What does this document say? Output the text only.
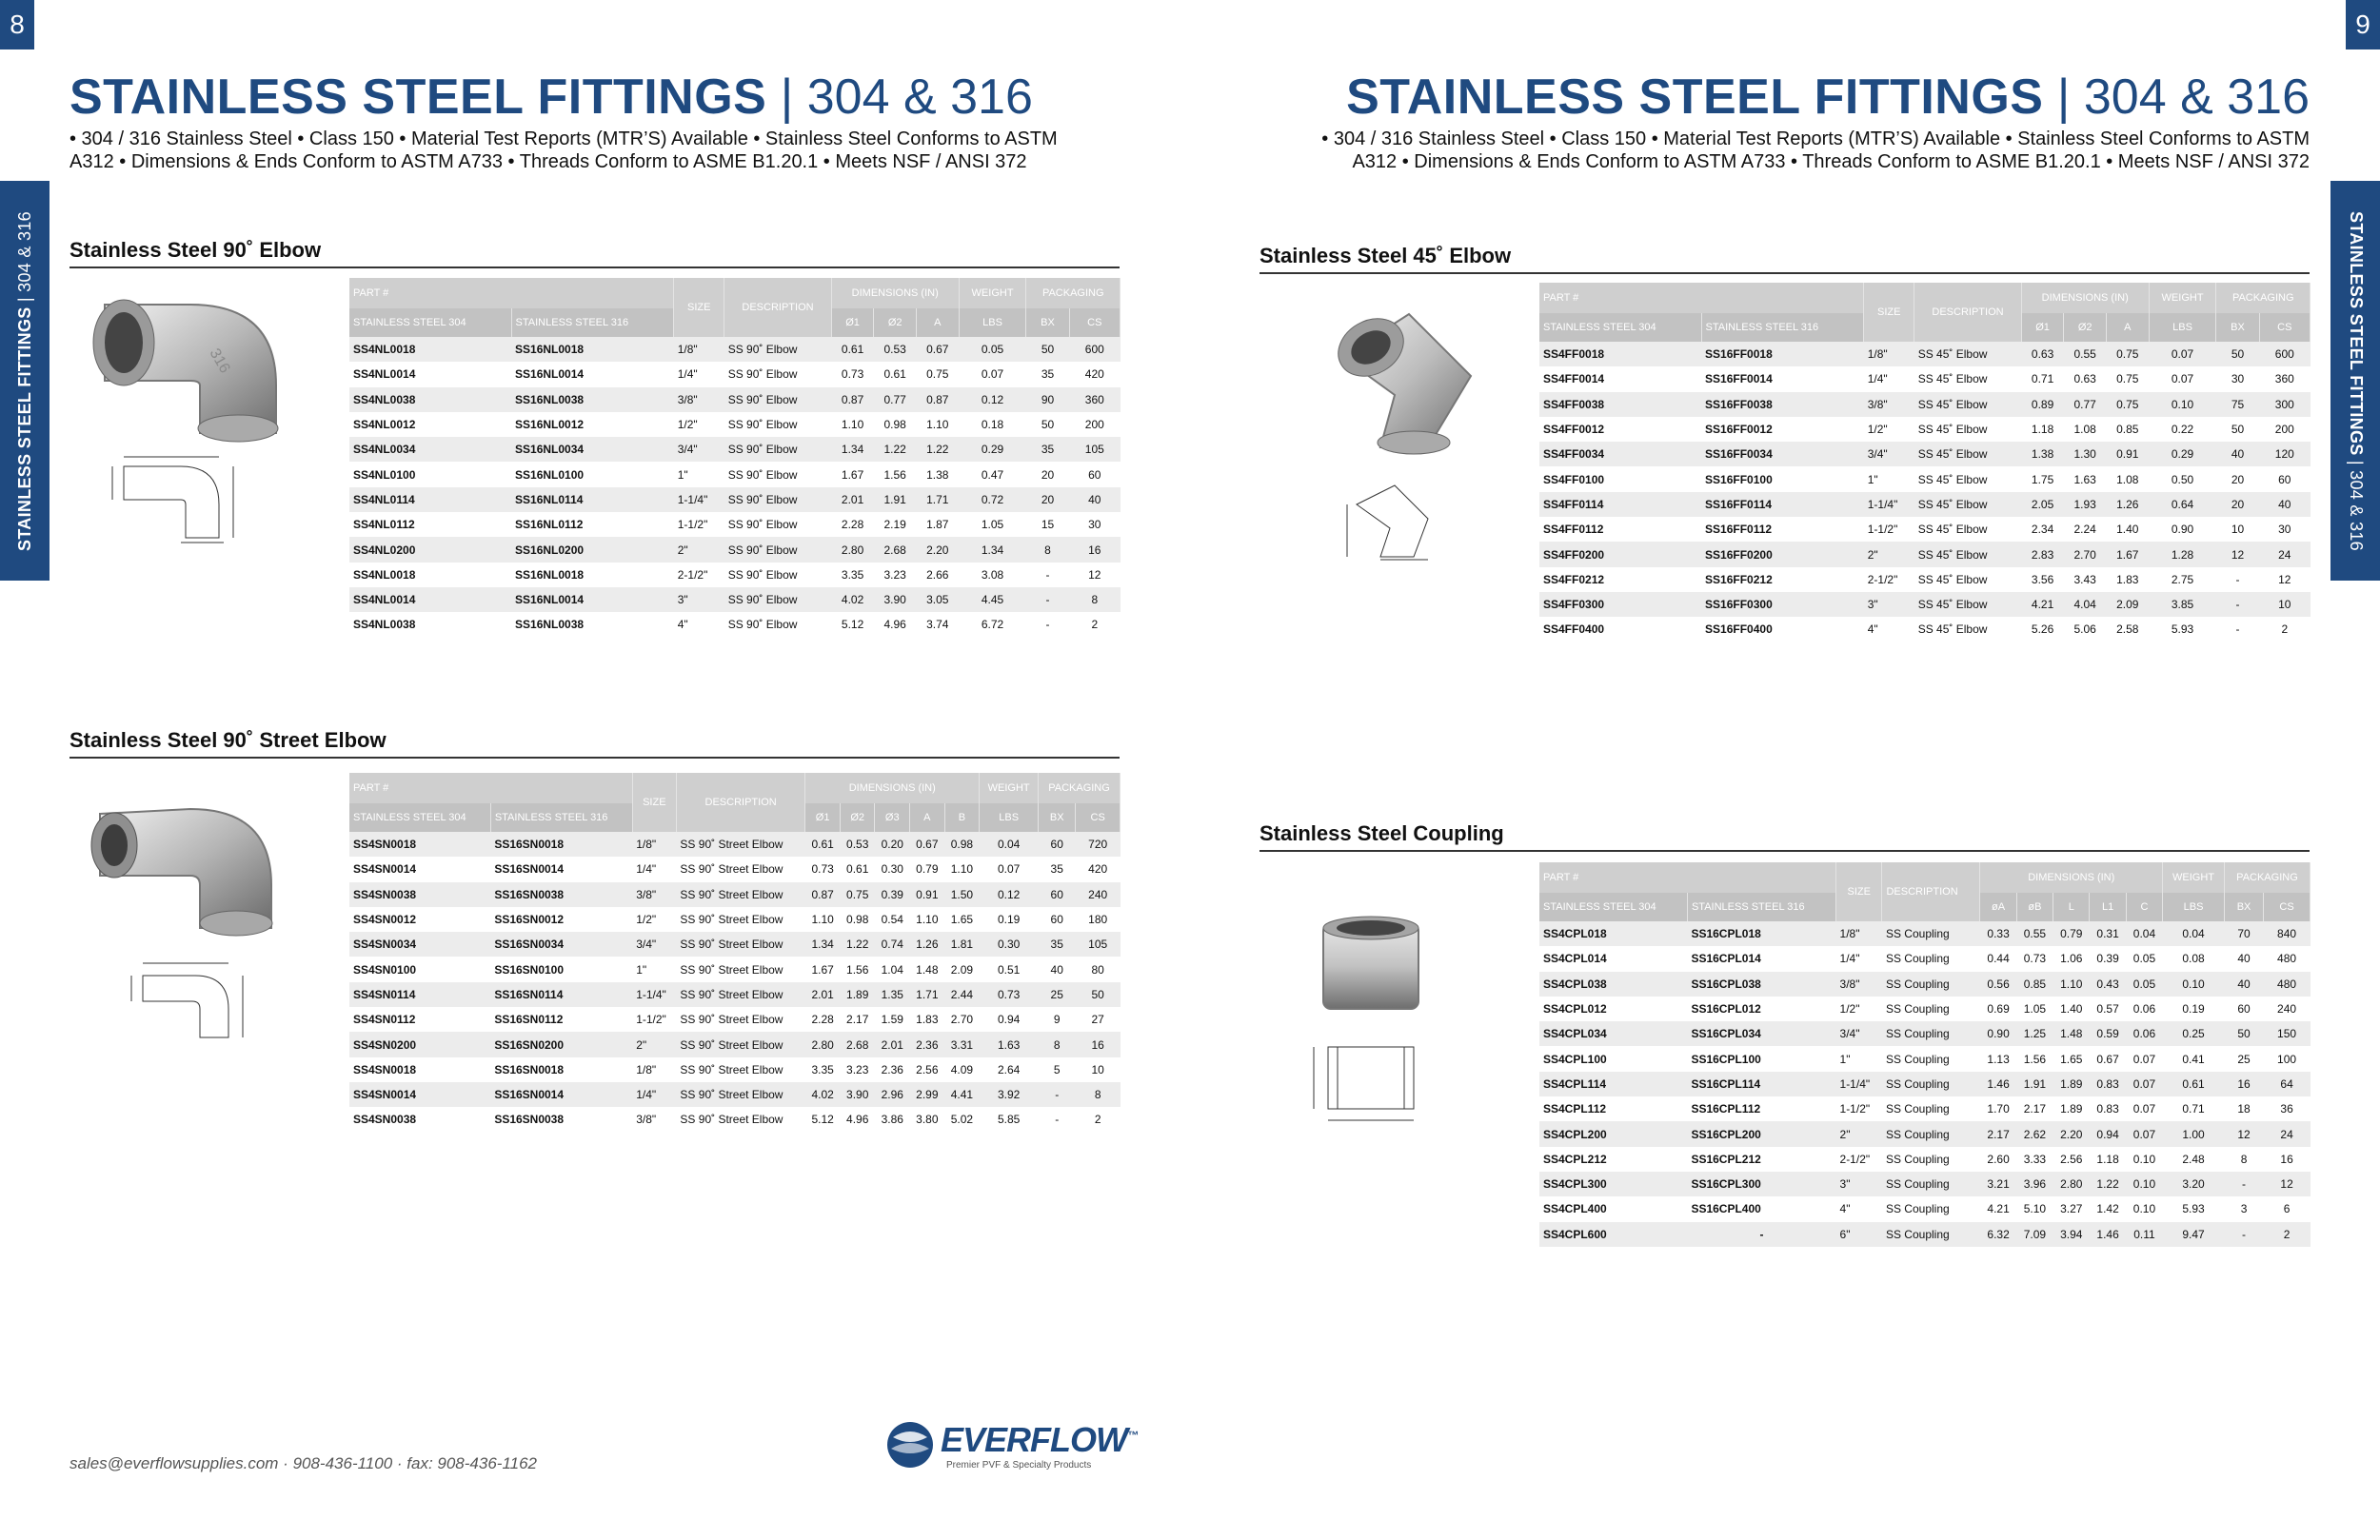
8	9
STAINLESS STEEL FITTINGS | 304 & 316	STAINLESS STEEL FITTINGS | 304 & 316
STAINLESS STEEL FITTINGS | 304 & 316
• 304 / 316 Stainless Steel • Class 150 • Material Test Reports (MTR’S) Available • Stainless Steel Conforms to ASTM
A312 • Dimensions & Ends Conform to ASTM A733 • Threads Conform to ASME B1.20.1 • Meets NSF / ANSI 372
STAINLESS STEEL FITTINGS | 304 & 316
• 304 / 316 Stainless Steel • Class 150 • Material Test Reports (MTR’S) Available • Stainless Steel Conforms to ASTM
A312 • Dimensions & Ends Conform to ASTM A733 • Threads Conform to ASME B1.20.1 • Meets NSF / ANSI 372
Stainless Steel 90˚ Elbow
Stainless Steel 90˚ Street Elbow
Stainless Steel 45˚ Elbow
Stainless Steel Coupling
PART #		SIZE	DESCRIPTION	DIMENSIONS (IN)			WEIGHT	PACKAGING	
STAINLESS STEEL 304	STAINLESS STEEL 316			Ø1	Ø2	A	LBS	BX	CS
SS4NL0018	SS16NL0018	1/8"	SS 90˚ Elbow	0.61	0.53	0.67	0.05	50	600
SS4NL0014	SS16NL0014	1/4"	SS 90˚ Elbow	0.73	0.61	0.75	0.07	35	420
SS4NL0038	SS16NL0038	3/8"	SS 90˚ Elbow	0.87	0.77	0.87	0.12	90	360
SS4NL0012	SS16NL0012	1/2"	SS 90˚ Elbow	1.10	0.98	1.10	0.18	50	200
SS4NL0034	SS16NL0034	3/4"	SS 90˚ Elbow	1.34	1.22	1.22	0.29	35	105
SS4NL0100	SS16NL0100	1"	SS 90˚ Elbow	1.67	1.56	1.38	0.47	20	60
SS4NL0114	SS16NL0114	1-1/4"	SS 90˚ Elbow	2.01	1.91	1.71	0.72	20	40
SS4NL0112	SS16NL0112	1-1/2"	SS 90˚ Elbow	2.28	2.19	1.87	1.05	15	30
SS4NL0200	SS16NL0200	2"	SS 90˚ Elbow	2.80	2.68	2.20	1.34	8	16
SS4NL0018	SS16NL0018	2-1/2"	SS 90˚ Elbow	3.35	3.23	2.66	3.08	-	12
SS4NL0014	SS16NL0014	3"	SS 90˚ Elbow	4.02	3.90	3.05	4.45	-	8
SS4NL0038	SS16NL0038	4"	SS 90˚ Elbow	5.12	4.96	3.74	6.72	-	2
PART #		SIZE	DESCRIPTION	DIMENSIONS (IN)					WEIGHT	PACKAGING	
STAINLESS STEEL 304	STAINLESS STEEL 316			Ø1	Ø2	Ø3	A	B	LBS	BX	CS
SS4SN0018	SS16SN0018	1/8"	SS 90˚ Street Elbow	0.61	0.53	0.20	0.67	0.98	0.04	60	720
SS4SN0014	SS16SN0014	1/4"	SS 90˚ Street Elbow	0.73	0.61	0.30	0.79	1.10	0.07	35	420
SS4SN0038	SS16SN0038	3/8"	SS 90˚ Street Elbow	0.87	0.75	0.39	0.91	1.50	0.12	60	240
SS4SN0012	SS16SN0012	1/2"	SS 90˚ Street Elbow	1.10	0.98	0.54	1.10	1.65	0.19	60	180
SS4SN0034	SS16SN0034	3/4"	SS 90˚ Street Elbow	1.34	1.22	0.74	1.26	1.81	0.30	35	105
SS4SN0100	SS16SN0100	1"	SS 90˚ Street Elbow	1.67	1.56	1.04	1.48	2.09	0.51	40	80
SS4SN0114	SS16SN0114	1-1/4"	SS 90˚ Street Elbow	2.01	1.89	1.35	1.71	2.44	0.73	25	50
SS4SN0112	SS16SN0112	1-1/2"	SS 90˚ Street Elbow	2.28	2.17	1.59	1.83	2.70	0.94	9	27
SS4SN0200	SS16SN0200	2"	SS 90˚ Street Elbow	2.80	2.68	2.01	2.36	3.31	1.63	8	16
SS4SN0018	SS16SN0018	1/8"	SS 90˚ Street Elbow	3.35	3.23	2.36	2.56	4.09	2.64	5	10
SS4SN0014	SS16SN0014	1/4"	SS 90˚ Street Elbow	4.02	3.90	2.96	2.99	4.41	3.92	-	8
SS4SN0038	SS16SN0038	3/8"	SS 90˚ Street Elbow	5.12	4.96	3.86	3.80	5.02	5.85	-	2
PART #		SIZE	DESCRIPTION	DIMENSIONS (IN)			WEIGHT	PACKAGING	
STAINLESS STEEL 304	STAINLESS STEEL 316			Ø1	Ø2	A	LBS	BX	CS
SS4FF0018	SS16FF0018	1/8"	SS 45˚ Elbow	0.63	0.55	0.75	0.07	50	600
SS4FF0014	SS16FF0014	1/4"	SS 45˚ Elbow	0.71	0.63	0.75	0.07	30	360
SS4FF0038	SS16FF0038	3/8"	SS 45˚ Elbow	0.89	0.77	0.75	0.10	75	300
SS4FF0012	SS16FF0012	1/2"	SS 45˚ Elbow	1.18	1.08	0.85	0.22	50	200
SS4FF0034	SS16FF0034	3/4"	SS 45˚ Elbow	1.38	1.30	0.91	0.29	40	120
SS4FF0100	SS16FF0100	1"	SS 45˚ Elbow	1.75	1.63	1.08	0.50	20	60
SS4FF0114	SS16FF0114	1-1/4"	SS 45˚ Elbow	2.05	1.93	1.26	0.64	20	40
SS4FF0112	SS16FF0112	1-1/2"	SS 45˚ Elbow	2.34	2.24	1.40	0.90	10	30
SS4FF0200	SS16FF0200	2"	SS 45˚ Elbow	2.83	2.70	1.67	1.28	12	24
SS4FF0212	SS16FF0212	2-1/2"	SS 45˚ Elbow	3.56	3.43	1.83	2.75	-	12
SS4FF0300	SS16FF0300	3"	SS 45˚ Elbow	4.21	4.04	2.09	3.85	-	10
SS4FF0400	SS16FF0400	4"	SS 45˚ Elbow	5.26	5.06	2.58	5.93	-	2
PART #		SIZE	DESCRIPTION	DIMENSIONS (IN)					WEIGHT	PACKAGING	
STAINLESS STEEL 304	STAINLESS STEEL 316			øA	øB	L	L1	C	LBS	BX	CS
SS4CPL018	SS16CPL018	1/8"	SS Coupling	0.33	0.55	0.79	0.31	0.04	0.04	70	840
SS4CPL014	SS16CPL014	1/4"	SS Coupling	0.44	0.73	1.06	0.39	0.05	0.08	40	480
SS4CPL038	SS16CPL038	3/8"	SS Coupling	0.56	0.85	1.10	0.43	0.05	0.10	40	480
SS4CPL012	SS16CPL012	1/2"	SS Coupling	0.69	1.05	1.40	0.57	0.06	0.19	60	240
SS4CPL034	SS16CPL034	3/4"	SS Coupling	0.90	1.25	1.48	0.59	0.06	0.25	50	150
SS4CPL100	SS16CPL100	1"	SS Coupling	1.13	1.56	1.65	0.67	0.07	0.41	25	100
SS4CPL114	SS16CPL114	1-1/4"	SS Coupling	1.46	1.91	1.89	0.83	0.07	0.61	16	64
SS4CPL112	SS16CPL112	1-1/2"	SS Coupling	1.70	2.17	1.89	0.83	0.07	0.71	18	36
SS4CPL200	SS16CPL200	2"	SS Coupling	2.17	2.62	2.20	0.94	0.07	1.00	12	24
SS4CPL212	SS16CPL212	2-1/2"	SS Coupling	2.60	3.33	2.56	1.18	0.10	2.48	8	16
SS4CPL300	SS16CPL300	3"	SS Coupling	3.21	3.96	2.80	1.22	0.10	3.20	-	12
SS4CPL400	SS16CPL400	4"	SS Coupling	4.21	5.10	3.27	1.42	0.10	5.93	3	6
SS4CPL600	-	6"	SS Coupling	6.32	7.09	3.94	1.46	0.11	9.47	-	2
316
sales@everflowsupplies.com · 908-436-1100 · fax: 908-436-1162
EVERFLOW™
Premier PVF & Specialty Products
